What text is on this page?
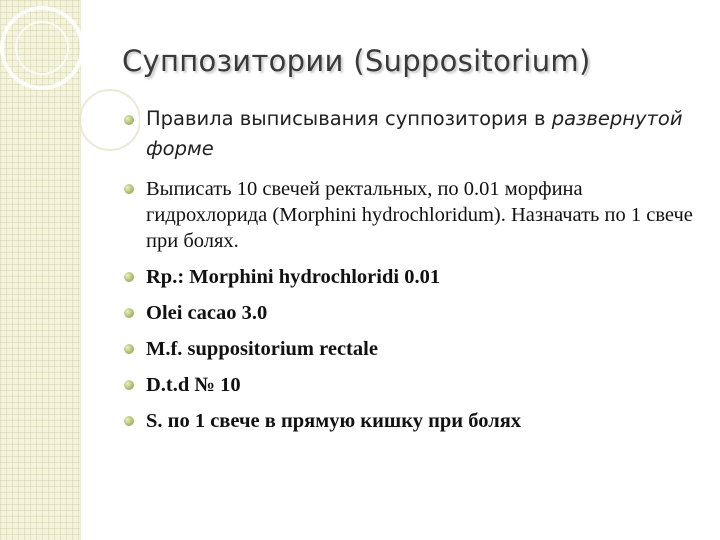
Суппозитории (Suppositorium)
Правила выписывания суппозитория в развернутой форме
Выписать 10 свечей ректальных, по 0.01 морфина гидрохлорида (Morphini hydrochloridum). Назначать по 1 свече при болях.
Rp.: Morphini hydrochloridi 0.01
Olei cacao 3.0
M.f. suppositorium rectale
D.t.d № 10
S. по 1 свече в прямую кишку при болях
